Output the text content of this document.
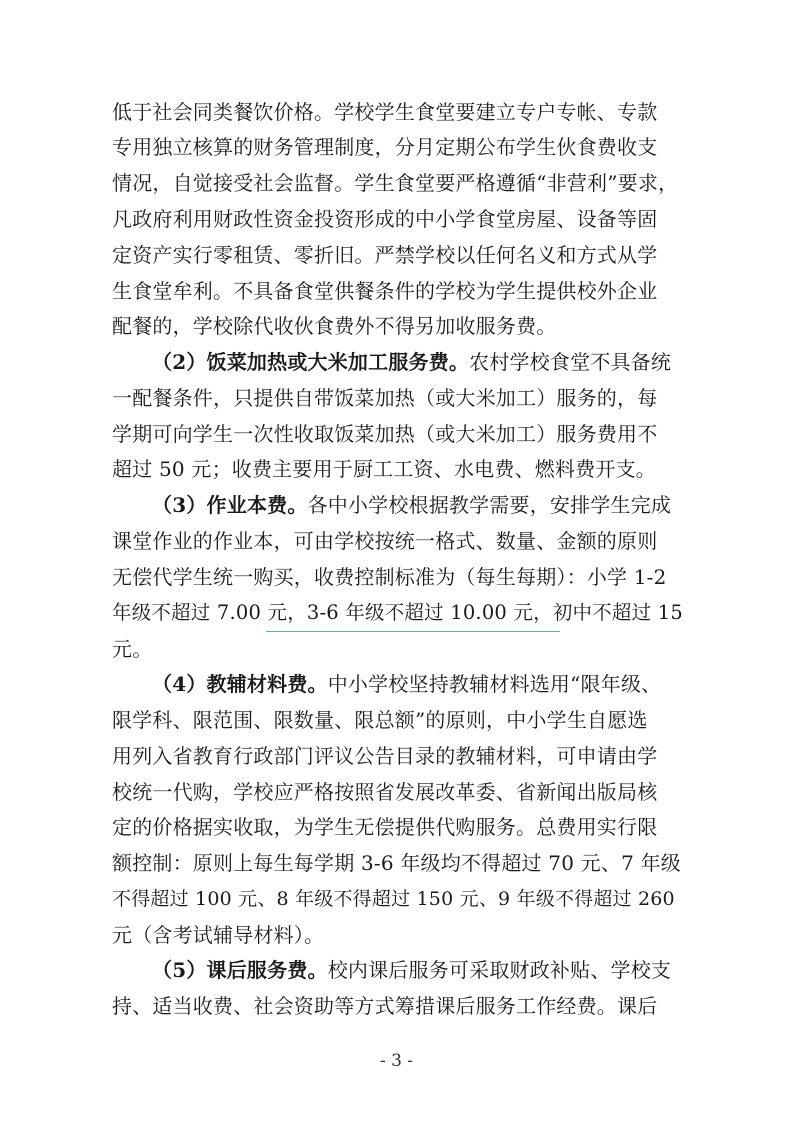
低于社会同类餐饮价格。学校学生食堂要建立专户专帐、专款
专用独立核算的财务管理制度，分月定期公布学生伙食费收支
情况，自觉接受社会监督。学生食堂要严格遵循“非营利”要求，
凡政府利用财政性资金投资形成的中小学食堂房屋、设备等固
定资产实行零租赁、零折旧。严禁学校以任何名义和方式从学
生食堂牟利。不具备食堂供餐条件的学校为学生提供校外企业
配餐的，学校除代收伙食费外不得另加收服务费。
（2）饭菜加热或大米加工服务费。农村学校食堂不具备统
一配餐条件，只提供自带饭菜加热（或大米加工）服务的，每
学期可向学生一次性收取饭菜加热（或大米加工）服务费用不
超过 50 元；收费主要用于厨工工资、水电费、燃料费开支。
（3）作业本费。各中小学校根据教学需要，安排学生完成
课堂作业的作业本，可由学校按统一格式、数量、金额的原则
无偿代学生统一购买，收费控制标准为（每生每期）：小学 1-2
年级不超过 7.00 元，3-6 年级不超过 10.00 元，初中不超过 15
元。
（4）教辅材料费。中小学校坚持教辅材料选用“限年级、
限学科、限范围、限数量、限总额”的原则，中小学生自愿选
用列入省教育行政部门评议公告目录的教辅材料，可申请由学
校统一代购，学校应严格按照省发展改革委、省新闻出版局核
定的价格据实收取，为学生无偿提供代购服务。总费用实行限
额控制：原则上每生每学期 3-6 年级均不得超过 70 元、7 年级
不得超过 100 元、8 年级不得超过 150 元、9 年级不得超过 260
元（含考试辅导材料）。
（5）课后服务费。校内课后服务可采取财政补贴、学校支
持、适当收费、社会资助等方式筹措课后服务工作经费。课后
- 3 -
